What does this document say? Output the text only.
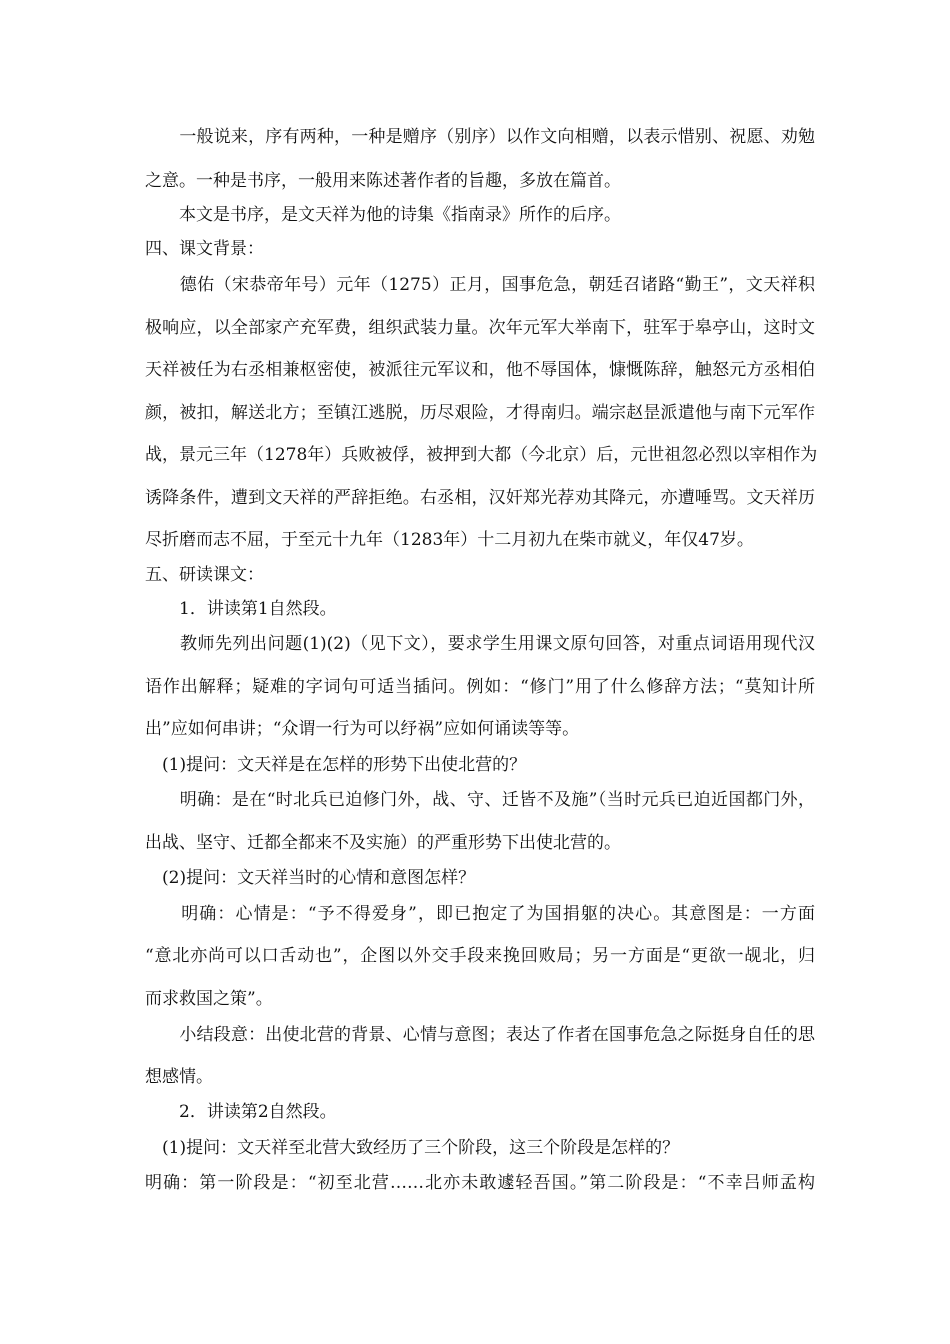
　　一般说来，序有两种，一种是赠序（别序）以作文向相赠，以表示惜别、祝愿、劝勉
之意。一种是书序，一般用来陈述著作者的旨趣，多放在篇首。
　　本文是书序，是文天祥为他的诗集《指南录》所作的后序。
四、课文背景：
　　德佑（宋恭帝年号）元年（1275）正月，国事危急，朝廷召诸路“勤王”，文天祥积
极响应，以全部家产充军费，组织武装力量。次年元军大举南下，驻军于皋亭山，这时文
天祥被任为右丞相兼枢密使，被派往元军议和，他不辱国体，慷慨陈辞，触怒元方丞相伯
颜，被扣，解送北方；至镇江逃脱，历尽艰险，才得南归。端宗赵昰派遣他与南下元军作
战，景元三年（1278年）兵败被俘，被押到大都（今北京）后，元世祖忽必烈以宰相作为
诱降条件，遭到文天祥的严辞拒绝。右丞相，汉奸郑光荐劝其降元，亦遭唾骂。文天祥历
尽折磨而志不屈，于至元十九年（1283年）十二月初九在柴市就义，年仅47岁。
五、研读课文：
　　1．讲读第1自然段。
　　教师先列出问题(1)(2)（见下文），要求学生用课文原句回答，对重点词语用现代汉
语作出解释；疑难的字词句可适当插问。例如：“修门”用了什么修辞方法；“莫知计所
出”应如何串讲；“众谓一行为可以纾祸”应如何诵读等等。
　(1)提问：文天祥是在怎样的形势下出使北营的？
　　明确：是在“时北兵已迫修门外，战、守、迁皆不及施”（当时元兵已迫近国都门外，
出战、坚守、迁都全都来不及实施）的严重形势下出使北营的。
　(2)提问：文天祥当时的心情和意图怎样？
　　明确：心情是：“予不得爱身”，即已抱定了为国捐躯的决心。其意图是：一方面
“意北亦尚可以口舌动也”，企图以外交手段来挽回败局；另一方面是“更欲一觇北，归
而求救国之策”。
　　小结段意：出使北营的背景、心情与意图；表达了作者在国事危急之际挺身自任的思
想感情。
　　2．讲读第2自然段。
　(1)提问：文天祥至北营大致经历了三个阶段，这三个阶段是怎样的？
明确：第一阶段是：“初至北营……北亦未敢遽轻吾国。”第二阶段是：“不幸吕师孟构
